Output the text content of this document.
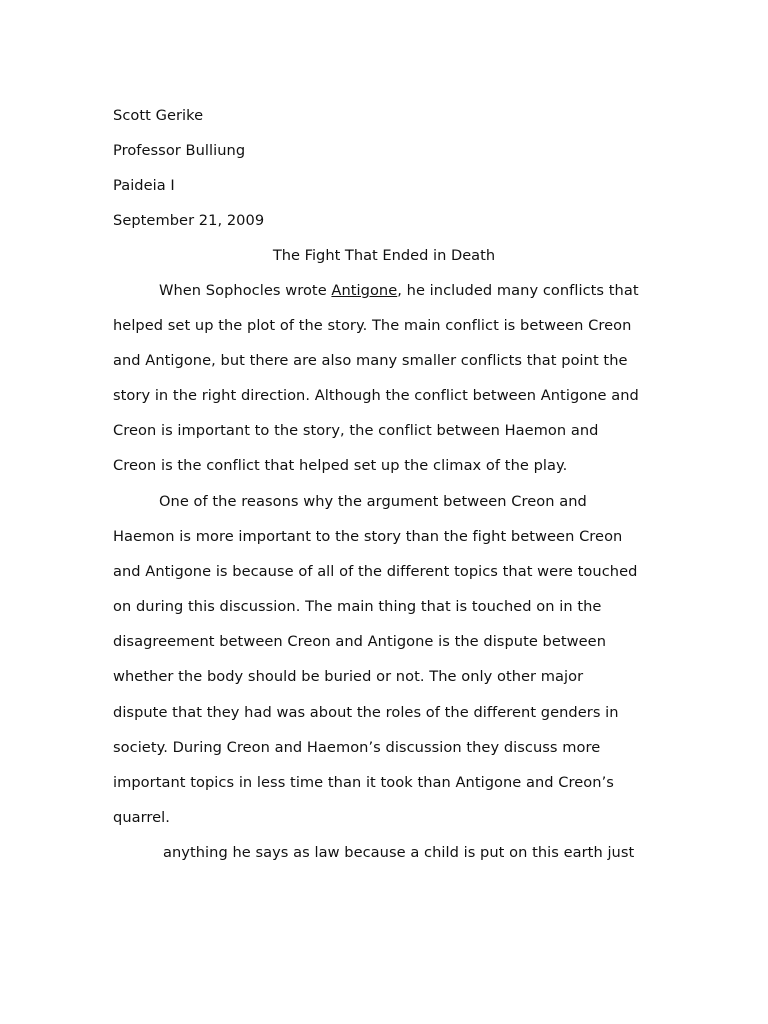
Scott Gerike
Professor Bulliung
Paideia I
September 21, 2009
The Fight That Ended in Death
When Sophocles wrote Antigone, he included many conflicts that
helped set up the plot of the story. The main conflict is between Creon
and Antigone, but there are also many smaller conflicts that point the
story in the right direction. Although the conflict between Antigone and
Creon is important to the story, the conflict between Haemon and
Creon is the conflict that helped set up the climax of the play.
One of the reasons why the argument between Creon and
Haemon is more important to the story than the fight between Creon
and Antigone is because of all of the different topics that were touched
on during this discussion. The main thing that is touched on in the
disagreement between Creon and Antigone is the dispute between
whether the body should be buried or not. The only other major
dispute that they had was about the roles of the different genders in
society. During Creon and Haemon’s discussion they discuss more
important topics in less time than it took than Antigone and Creon’s
quarrel.
anything he says as law because a child is put on this earth just
